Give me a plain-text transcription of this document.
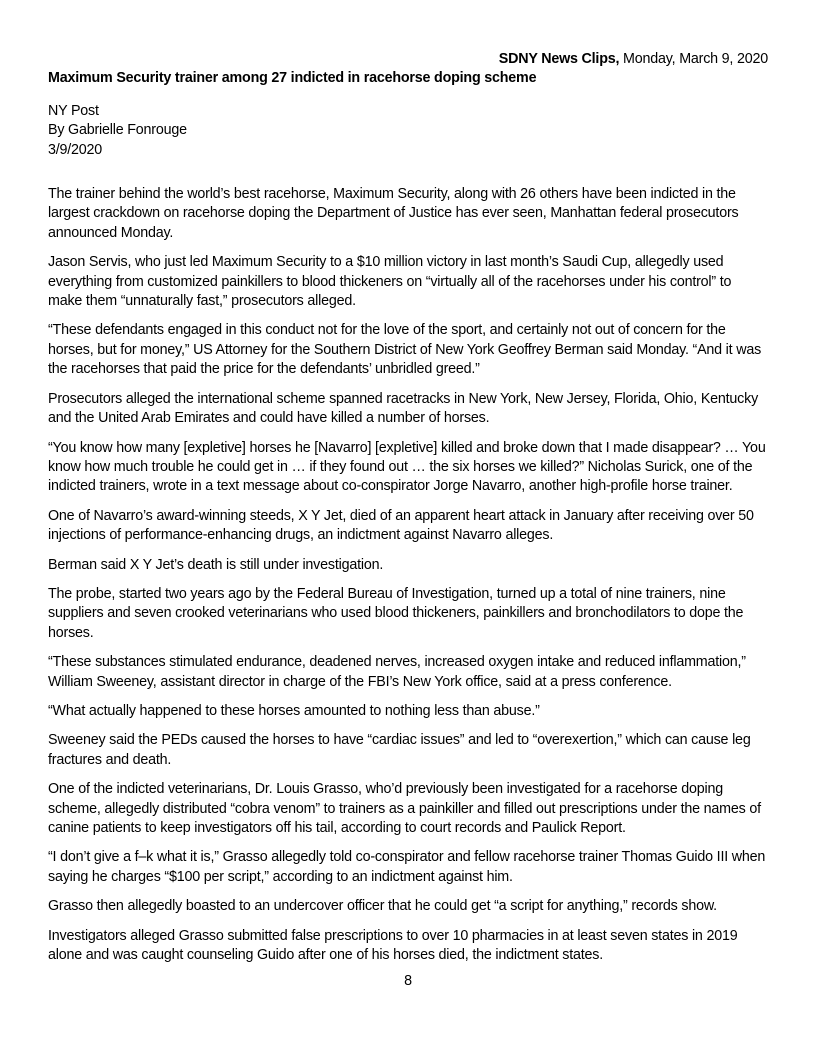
SDNY News Clips, Monday, March 9, 2020
Maximum Security trainer among 27 indicted in racehorse doping scheme
NY Post
By Gabrielle Fonrouge
3/9/2020

The trainer behind the world’s best racehorse, Maximum Security, along with 26 others have been indicted in the largest crackdown on racehorse doping the Department of Justice has ever seen, Manhattan federal prosecutors announced Monday.

Jason Servis, who just led Maximum Security to a $10 million victory in last month’s Saudi Cup, allegedly used everything from customized painkillers to blood thickeners on “virtually all of the racehorses under his control” to make them “unnaturally fast,” prosecutors alleged.

“These defendants engaged in this conduct not for the love of the sport, and certainly not out of concern for the horses, but for money,” US Attorney for the Southern District of New York Geoffrey Berman said Monday. “And it was the racehorses that paid the price for the defendants’ unbridled greed.”

Prosecutors alleged the international scheme spanned racetracks in New York, New Jersey, Florida, Ohio, Kentucky and the United Arab Emirates and could have killed a number of horses.

“You know how many [expletive] horses he [Navarro] [expletive] killed and broke down that I made disappear? … You know how much trouble he could get in … if they found out … the six horses we killed?” Nicholas Surick, one of the indicted trainers, wrote in a text message about co-conspirator Jorge Navarro, another high-profile horse trainer.

One of Navarro’s award-winning steeds, X Y Jet, died of an apparent heart attack in January after receiving over 50 injections of performance-enhancing drugs, an indictment against Navarro alleges.

Berman said X Y Jet’s death is still under investigation.

The probe, started two years ago by the Federal Bureau of Investigation, turned up a total of nine trainers, nine suppliers and seven crooked veterinarians who used blood thickeners, painkillers and bronchodilators to dope the horses.

“These substances stimulated endurance, deadened nerves, increased oxygen intake and reduced inflammation,” William Sweeney, assistant director in charge of the FBI’s New York office, said at a press conference.

“What actually happened to these horses amounted to nothing less than abuse.”

Sweeney said the PEDs caused the horses to have “cardiac issues” and led to “overexertion,” which can cause leg fractures and death.

One of the indicted veterinarians, Dr. Louis Grasso, who’d previously been investigated for a racehorse doping scheme, allegedly distributed “cobra venom” to trainers as a painkiller and filled out prescriptions under the names of canine patients to keep investigators off his tail, according to court records and Paulick Report.

“I don’t give a f–k what it is,” Grasso allegedly told co-conspirator and fellow racehorse trainer Thomas Guido III when saying he charges “$100 per script,” according to an indictment against him.

Grasso then allegedly boasted to an undercover officer that he could get “a script for anything,” records show.

Investigators alleged Grasso submitted false prescriptions to over 10 pharmacies in at least seven states in 2019 alone and was caught counseling Guido after one of his horses died, the indictment states.

8
